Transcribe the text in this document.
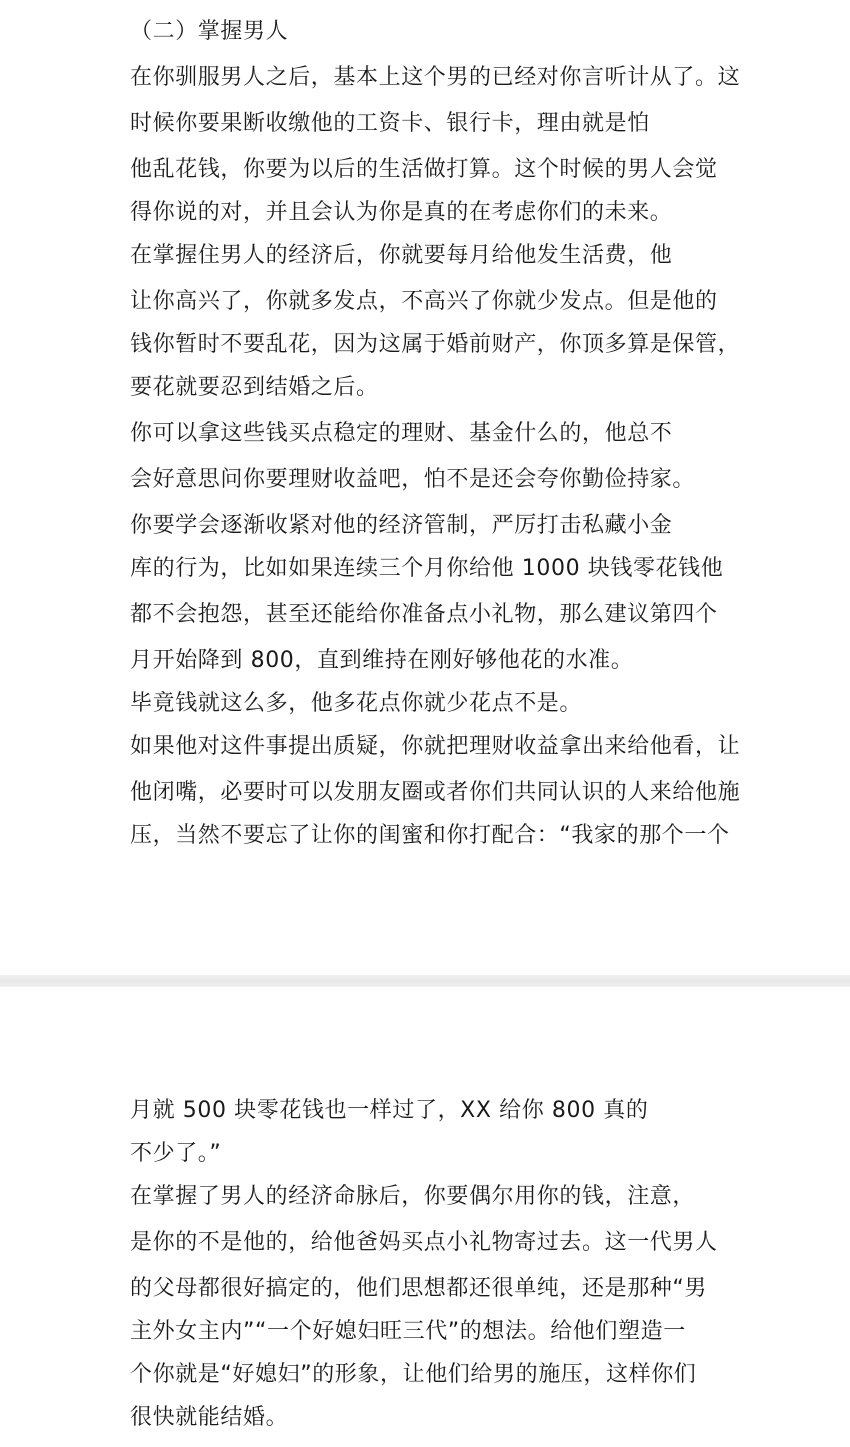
（二）掌握男人
在你驯服男人之后，基本上这个男的已经对你言听计从了。这
时候你要果断收缴他的工资卡、银行卡，理由就是怕
他乱花钱，你要为以后的生活做打算。这个时候的男人会觉
得你说的对，并且会认为你是真的在考虑你们的未来。
在掌握住男人的经济后，你就要每月给他发生活费，他
让你高兴了，你就多发点，不高兴了你就少发点。但是他的
钱你暂时不要乱花，因为这属于婚前财产，你顶多算是保管，
要花就要忍到结婚之后。
你可以拿这些钱买点稳定的理财、基金什么的，他总不
会好意思问你要理财收益吧，怕不是还会夸你勤俭持家。
你要学会逐渐收紧对他的经济管制，严厉打击私藏小金
库的行为，比如如果连续三个月你给他 1000 块钱零花钱他
都不会抱怨，甚至还能给你准备点小礼物，那么建议第四个
月开始降到 800，直到维持在刚好够他花的水准。
毕竟钱就这么多，他多花点你就少花点不是。
如果他对这件事提出质疑，你就把理财收益拿出来给他看，让
他闭嘴，必要时可以发朋友圈或者你们共同认识的人来给他施
压，当然不要忘了让你的闺蜜和你打配合：“我家的那个一个
月就 500 块零花钱也一样过了，XX 给你 800 真的
不少了。”
在掌握了男人的经济命脉后，你要偶尔用你的钱，注意，
是你的不是他的，给他爸妈买点小礼物寄过去。这一代男人
的父母都很好搞定的，他们思想都还很单纯，还是那种“男
主外女主内”“一个好媳妇旺三代”的想法。给他们塑造一
个你就是“好媳妇”的形象，让他们给男的施压，这样你们
很快就能结婚。
